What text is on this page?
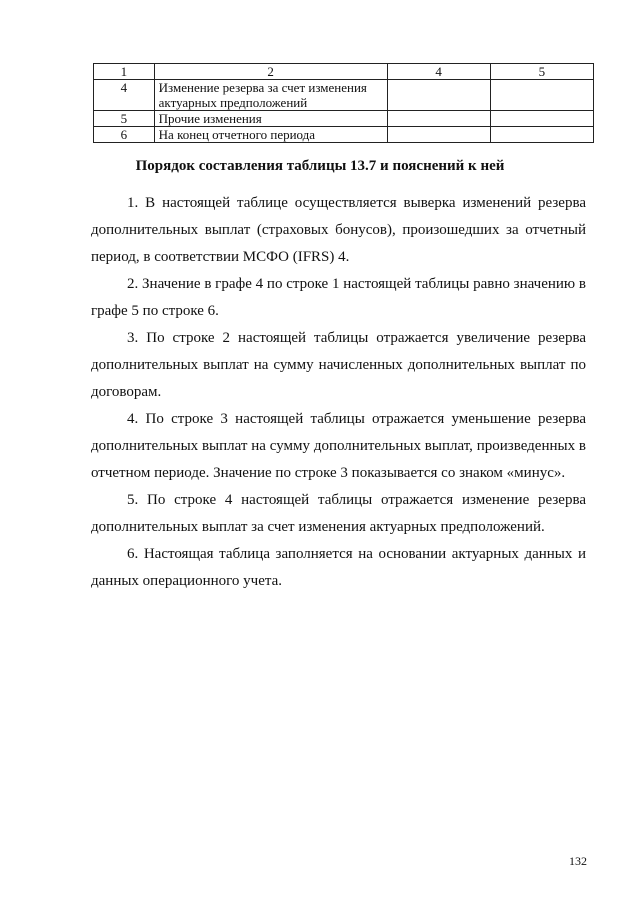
1	2	4	5
4	Изменение резерва за счет изменения актуарных предположений		
5	Прочие изменения		
6	На конец отчетного периода		
Порядок составления таблицы 13.7 и пояснений к ней

1. В настоящей таблице осуществляется выверка изменений резерва дополнительных выплат (страховых бонусов), произошедших за отчетный период, в соответствии МСФО (IFRS) 4.

2. Значение в графе 4 по строке 1 настоящей таблицы равно значению в графе 5 по строке 6.

3. По строке 2 настоящей таблицы отражается увеличение резерва дополнительных выплат на сумму начисленных дополнительных выплат по договорам.

4. По строке 3 настоящей таблицы отражается уменьшение резерва дополнительных выплат на сумму дополнительных выплат, произведенных в отчетном периоде. Значение по строке 3 показывается со знаком «минус».

5. По строке 4 настоящей таблицы отражается изменение резерва дополнительных выплат за счет изменения актуарных предположений.

6. Настоящая таблица заполняется на основании актуарных данных и данных операционного учета.

132
